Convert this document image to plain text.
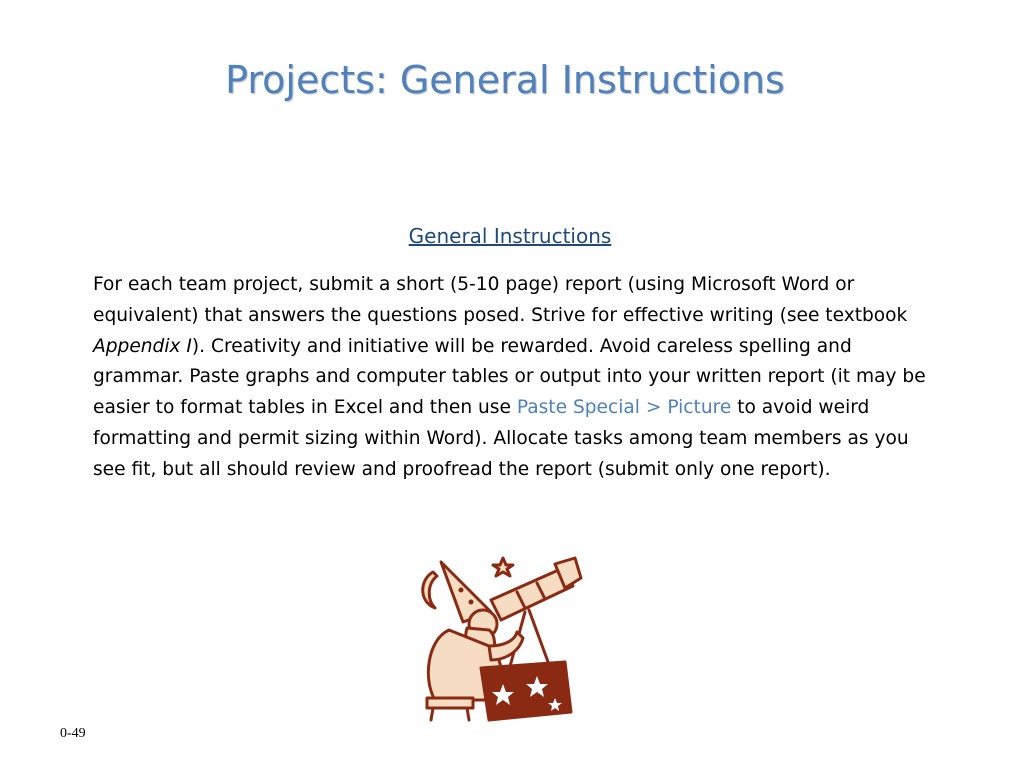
Projects: General Instructions
General Instructions
For each team project, submit a short (5-10 page) report (using Microsoft Word or equivalent) that answers the questions posed. Strive for effective writing (see textbook Appendix I). Creativity and initiative will be rewarded. Avoid careless spelling and grammar. Paste graphs and computer tables or output into your written report (it may be easier to format tables in Excel and then use Paste Special > Picture to avoid weird formatting and permit sizing within Word). Allocate tasks among team members as you see fit, but all should review and proofread the report (submit only one report).
0-49
